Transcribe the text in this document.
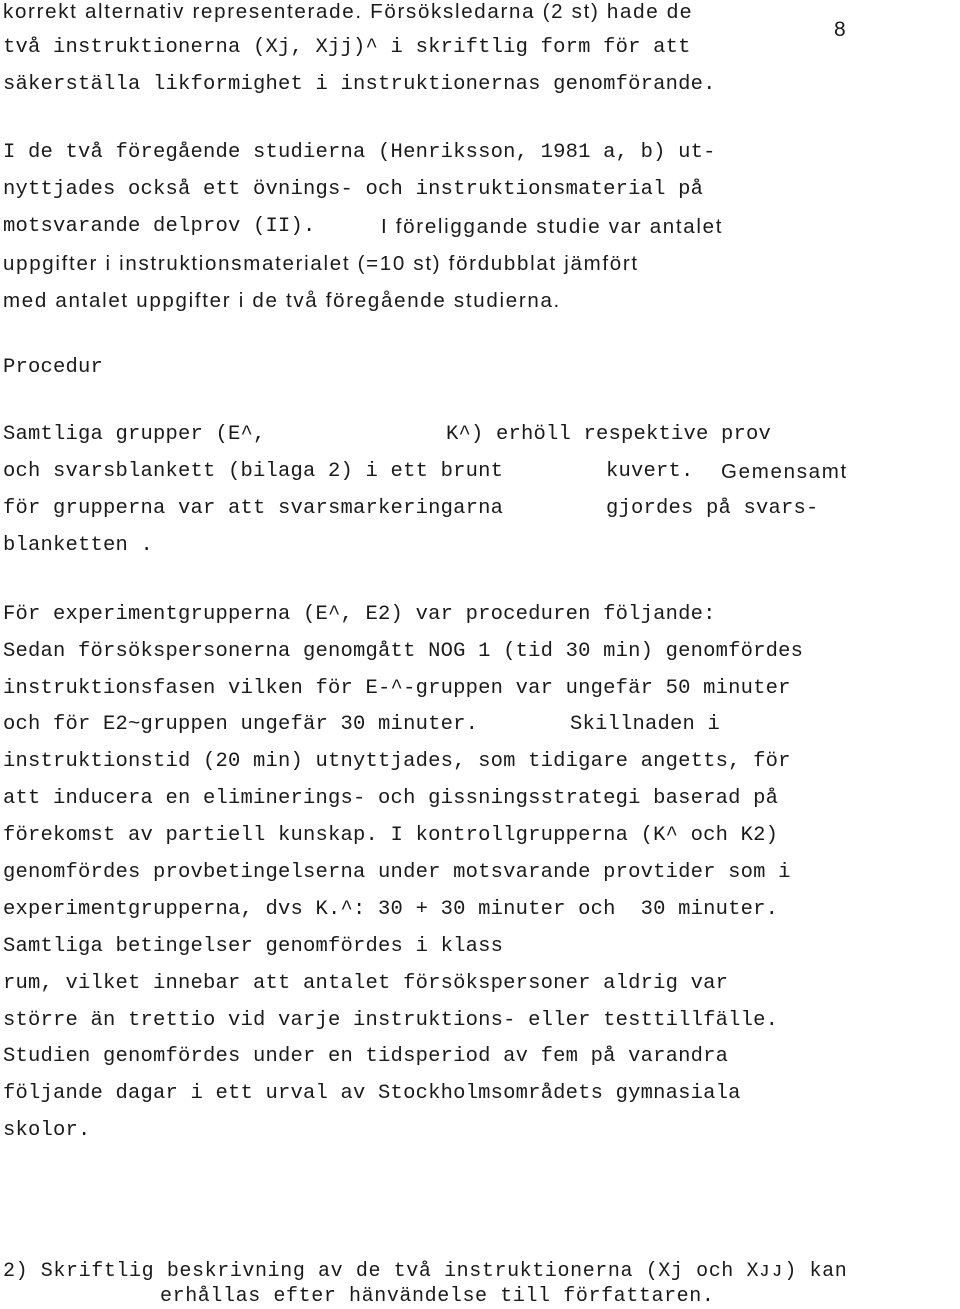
8
korrekt alternativ representerade. Försöksledarna (2 st) hade de
två instruktionerna (Xj, Xjj)^ i skriftlig form för att
säkerställa likformighet i instruktionernas genomförande.
I de två föregående studierna (Henriksson, 1981 a, b) ut-
nyttjades också ett övnings- och instruktionsmaterial på
motsvarande delprov (II).	I föreliggande studie var antalet
uppgifter i instruktionsmaterialet (=10 st) fördubblat jämfört
med antalet uppgifter i de två föregående studierna.
Procedur
Samtliga grupper (E^,	K^) erhöll respektive prov
och svarsblankett (bilaga 2) i ett brunt	kuvert. Gemensamt
för grupperna var att svarsmarkeringarna	gjordes på svars-
blanketten .
För experimentgrupperna (E^, E2) var proceduren följande:
Sedan försökspersonerna genomgått NOG 1 (tid 30 min) genomfördes
instruktionsfasen vilken för E-^-gruppen var ungefär 50 minuter
och för E2~gruppen ungefär 30 minuter.	Skillnaden i
instruktionstid (20 min) utnyttjades, som tidigare angetts, för
att inducera en eliminerings- och gissningsstrategi baserad på
förekomst av partiell kunskap. I kontrollgrupperna (K^ och K2)
genomfördes provbetingelserna under motsvarande provtider som i
experimentgrupperna, dvs K.^: 30 + 30 minuter och  30 minuter.
Samtliga betingelser genomfördes i klass
rum, vilket innebar att antalet försökspersoner aldrig var
större än trettio vid varje instruktions- eller testtillfälle.
Studien genomfördes under en tidsperiod av fem på varandra
följande dagar i ett urval av Stockholmsområdets gymnasiala
skolor.
2) Skriftlig beskrivning av de två instruktionerna (Xj och Xᴊᴊ) kan
erhållas efter hänvändelse till författaren.
